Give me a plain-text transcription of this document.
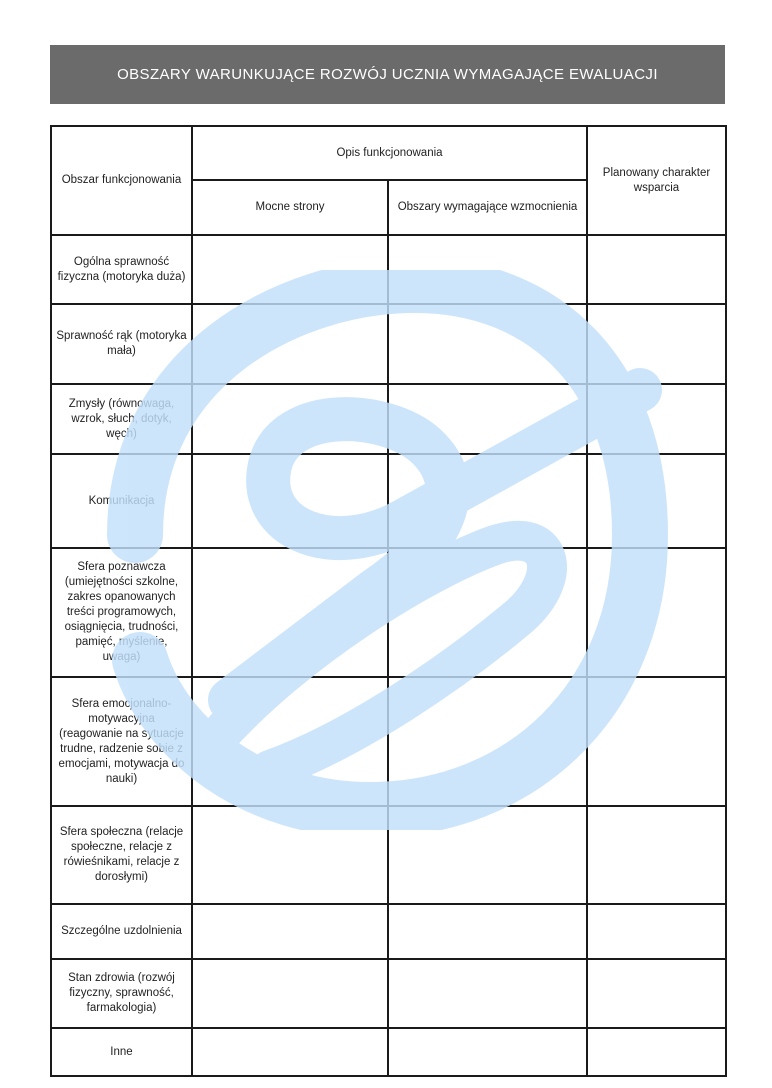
OBSZARY WARUNKUJĄCE ROZWÓJ UCZNIA WYMAGAJĄCE EWALUACJI
Obszar funkcjonowania	Opis funkcjonowania		Planowany charakter wsparcia
	Mocne strony	Obszary wymagające wzmocnienia	
Ogólna sprawność fizyczna (motoryka duża)			
Sprawność rąk (motoryka mała)			
Zmysły (równowaga, wzrok, słuch, dotyk, węch)			
Komunikacja			
Sfera poznawcza (umiejętności szkolne, zakres opanowanych treści programowych, osiągnięcia, trudności, pamięć, myślenie, uwaga)			
Sfera emocjonalno-motywacyjna (reagowanie na sytuacje trudne, radzenie sobie z emocjami, motywacja do nauki)			
Sfera społeczna (relacje społeczne, relacje z rówieśnikami, relacje z dorosłymi)			
Szczególne uzdolnienia			
Stan zdrowia (rozwój fizyczny, sprawność, farmakologia)			
Inne			
